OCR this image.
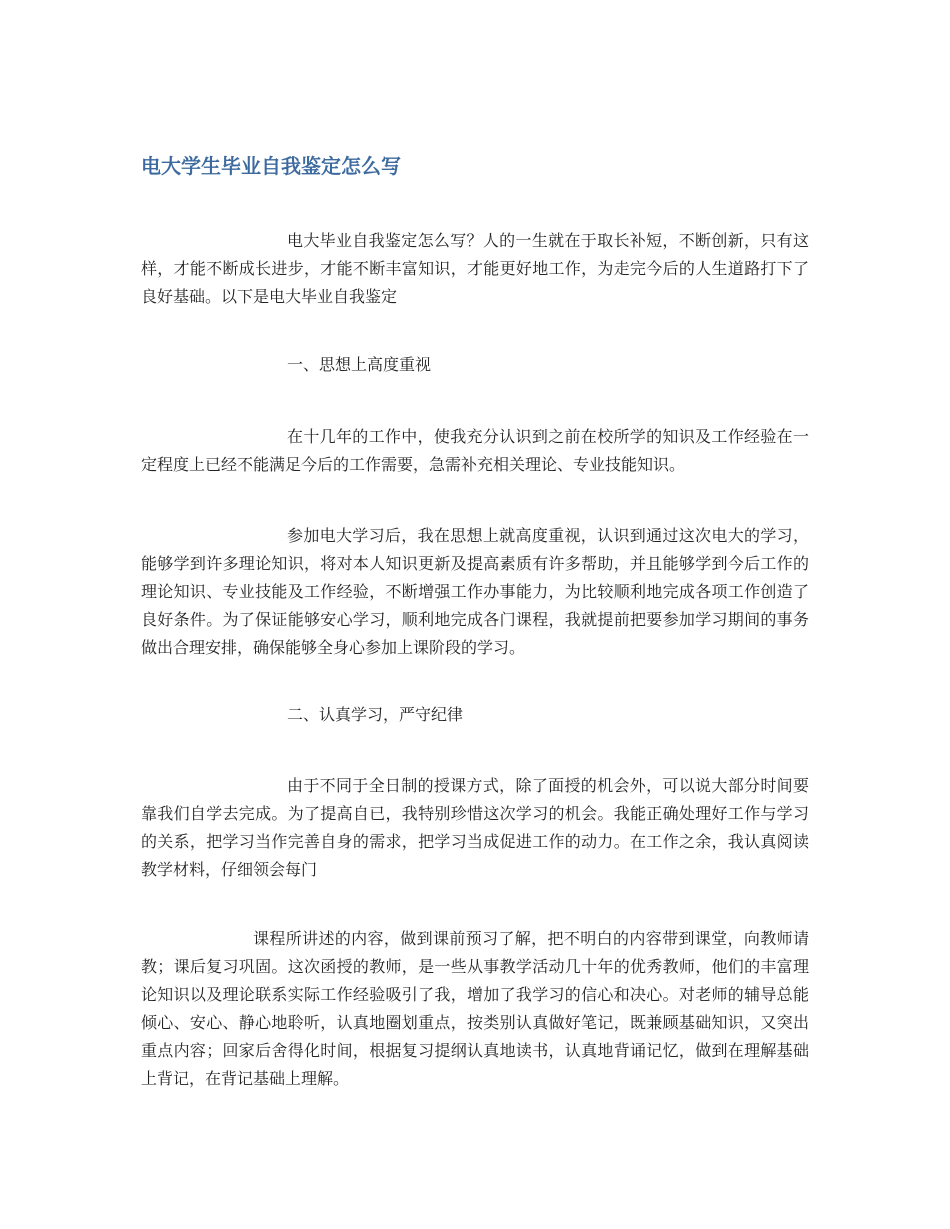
电大学生毕业自我鉴定怎么写

电大毕业自我鉴定怎么写？人的一生就在于取长补短，不断创新，只有这样，才能不断成长进步，才能不断丰富知识，才能更好地工作，为走完今后的人生道路打下了良好基础。以下是电大毕业自我鉴定

一、思想上高度重视

在十几年的工作中，使我充分认识到之前在校所学的知识及工作经验在一定程度上已经不能满足今后的工作需要，急需补充相关理论、专业技能知识。

参加电大学习后，我在思想上就高度重视，认识到通过这次电大的学习，能够学到许多理论知识，将对本人知识更新及提高素质有许多帮助，并且能够学到今后工作的理论知识、专业技能及工作经验，不断增强工作办事能力，为比较顺利地完成各项工作创造了良好条件。为了保证能够安心学习，顺利地完成各门课程，我就提前把要参加学习期间的事务做出合理安排，确保能够全身心参加上课阶段的学习。

二、认真学习，严守纪律

由于不同于全日制的授课方式，除了面授的机会外，可以说大部分时间要靠我们自学去完成。为了提高自已，我特别珍惜这次学习的机会。我能正确处理好工作与学习的关系，把学习当作完善自身的需求，把学习当成促进工作的动力。在工作之余，我认真阅读教学材料，仔细领会每门

课程所讲述的内容，做到课前预习了解，把不明白的内容带到课堂，向教师请教；课后复习巩固。这次函授的教师，是一些从事教学活动几十年的优秀教师，他们的丰富理论知识以及理论联系实际工作经验吸引了我，增加了我学习的信心和决心。对老师的辅导总能倾心、安心、静心地聆听，认真地圈划重点，按类别认真做好笔记，既兼顾基础知识，又突出重点内容；回家后舍得化时间，根据复习提纲认真地读书，认真地背诵记忆，做到在理解基础上背记，在背记基础上理解。
